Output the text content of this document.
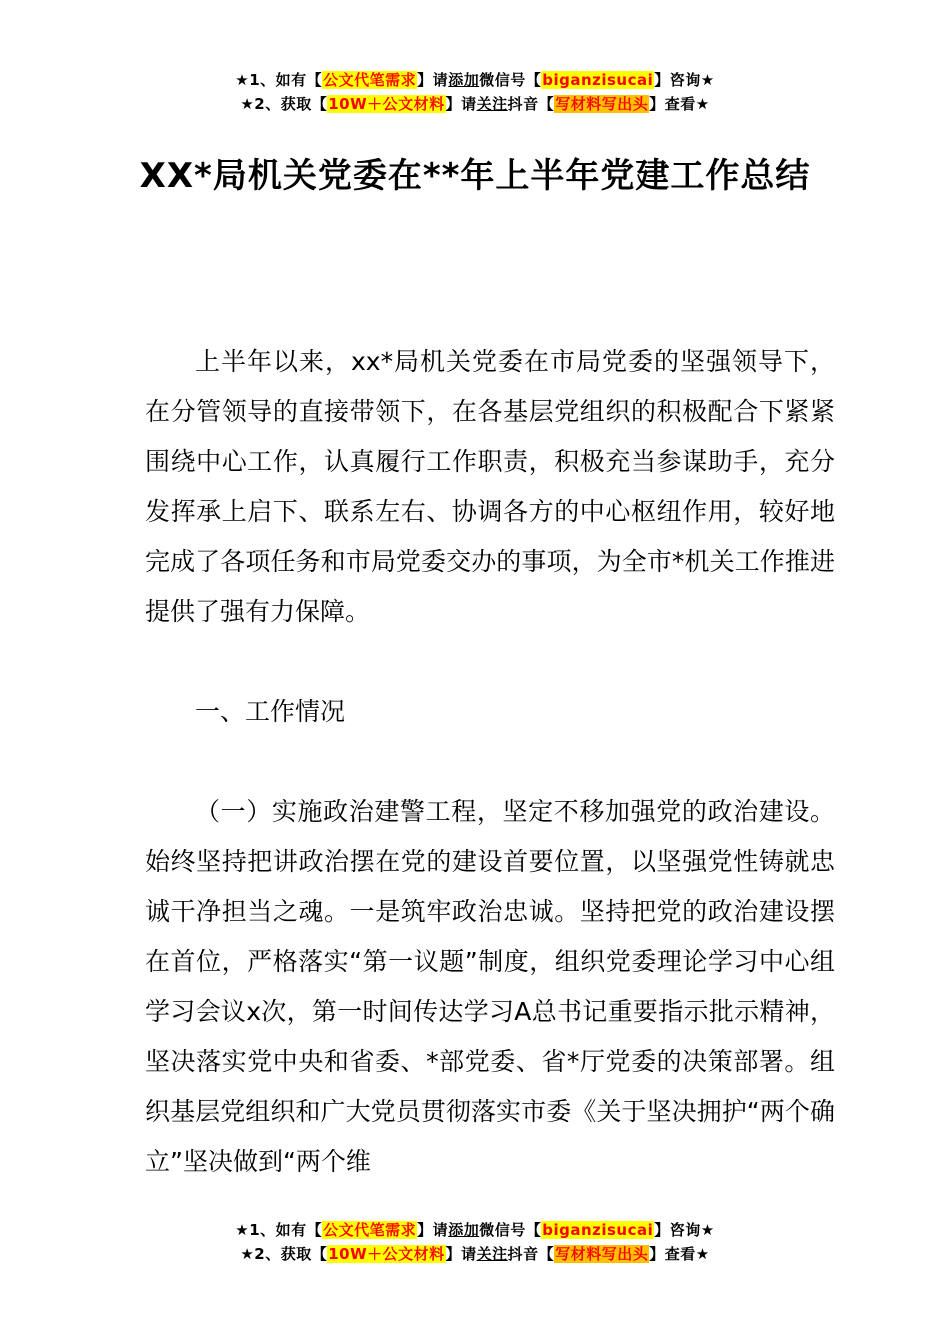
★1、如有【公文代笔需求】请添加微信号【biganzisucai】咨询★
★2、获取【10W＋公文材料】请关注抖音【写材料写出头】查看★
XX*局机关党委在**年上半年党建工作总结

上半年以来，xx*局机关党委在市局党委的坚强领导下，在分管领导的直接带领下，在各基层党组织的积极配合下紧紧围绕中心工作，认真履行工作职责，积极充当参谋助手，充分发挥承上启下、联系左右、协调各方的中心枢纽作用，较好地完成了各项任务和市局党委交办的事项，为全市*机关工作推进提供了强有力保障。

一、工作情况

（一）实施政治建警工程，坚定不移加强党的政治建设。始终坚持把讲政治摆在党的建设首要位置，以坚强党性铸就忠诚干净担当之魂。一是筑牢政治忠诚。坚持把党的政治建设摆在首位，严格落实“第一议题”制度，组织党委理论学习中心组学习会议x次，第一时间传达学习A总书记重要指示批示精神，坚决落实党中央和省委、*部党委、省*厅党委的决策部署。组织基层党组织和广大党员贯彻落实市委《关于坚决拥护“两个确立”坚决做到“两个维

★1、如有【公文代笔需求】请添加微信号【biganzisucai】咨询★
★2、获取【10W＋公文材料】请关注抖音【写材料写出头】查看★
